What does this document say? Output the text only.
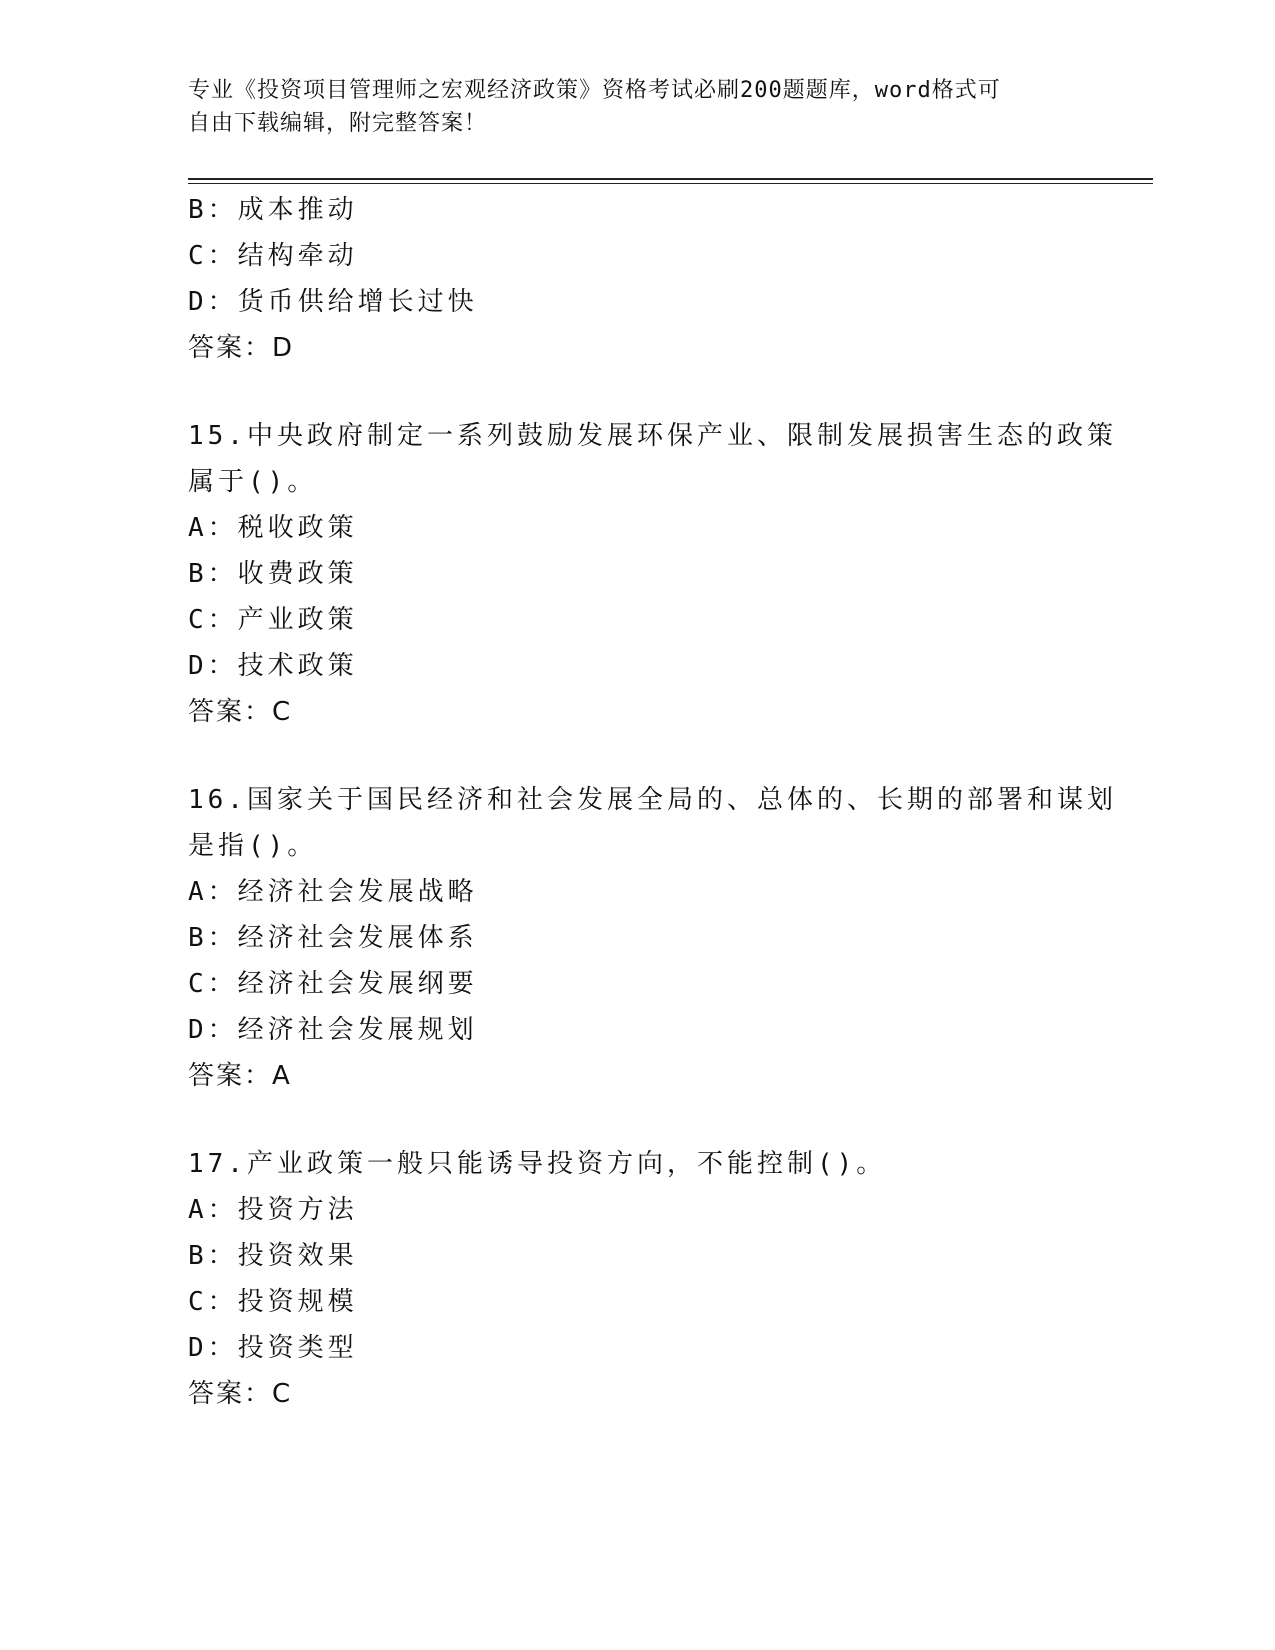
专业《投资项目管理师之宏观经济政策》资格考试必刷200题题库，word格式可
自由下载编辑，附完整答案！
B：成本推动
C：结构牵动
D：货币供给增长过快
答案：D
15.中央政府制定一系列鼓励发展环保产业、限制发展损害生态的政策
属于()。
A：税收政策
B：收费政策
C：产业政策
D：技术政策
答案：C
16.国家关于国民经济和社会发展全局的、总体的、长期的部署和谋划
是指()。
A：经济社会发展战略
B：经济社会发展体系
C：经济社会发展纲要
D：经济社会发展规划
答案：A
17.产业政策一般只能诱导投资方向，不能控制()。
A：投资方法
B：投资效果
C：投资规模
D：投资类型
答案：C
